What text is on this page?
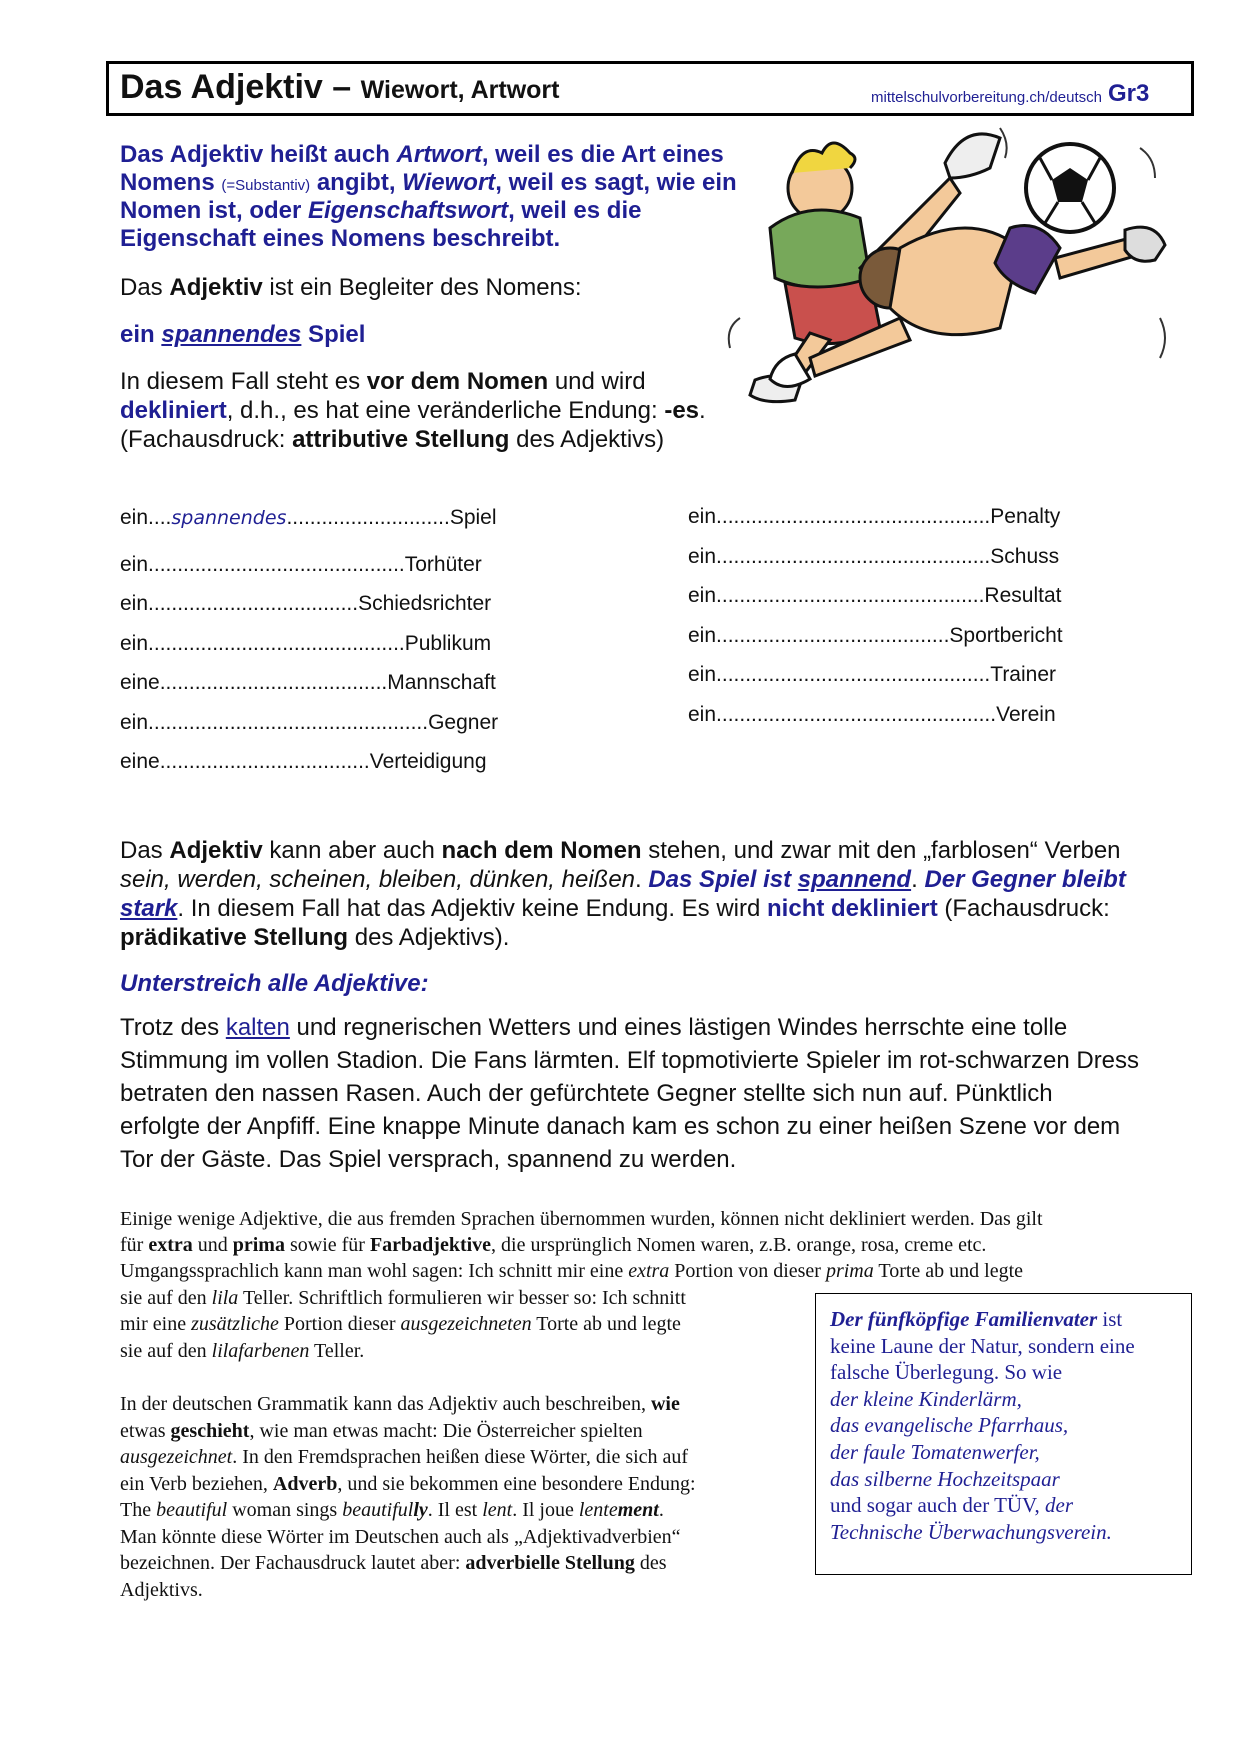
Das Adjektiv – Wiewort, Artwort	mittelschulvorbereitung.ch/deutsch Gr3
Das Adjektiv heißt auch Artwort, weil es die Art eines
Nomens (=Substantiv) angibt, Wiewort, weil es sagt, wie ein
Nomen ist, oder Eigenschaftswort, weil es die
Eigenschaft eines Nomens beschreibt.
Das Adjektiv ist ein Begleiter des Nomens:
ein spannendes Spiel
In diesem Fall steht es vor dem Nomen und wird
dekliniert, d.h., es hat eine veränderliche Endung: -es.
(Fachausdruck: attributive Stellung des Adjektivs)
ein....spannendes............................Spiel
ein............................................Torhüter
ein....................................Schiedsrichter
ein............................................Publikum
eine.......................................Mannschaft
ein................................................Gegner
eine....................................Verteidigung
ein...............................................Penalty
ein...............................................Schuss
ein..............................................Resultat
ein........................................Sportbericht
ein...............................................Trainer
ein................................................Verein
Das Adjektiv kann aber auch nach dem Nomen stehen, und zwar mit den „farblosen“ Verben
sein, werden, scheinen, bleiben, dünken, heißen. Das Spiel ist spannend. Der Gegner bleibt
stark. In diesem Fall hat das Adjektiv keine Endung. Es wird nicht dekliniert (Fachausdruck:
prädikative Stellung des Adjektivs).
Unterstreich alle Adjektive:
Trotz des kalten und regnerischen Wetters und eines lästigen Windes herrschte eine tolle
Stimmung im vollen Stadion. Die Fans lärmten. Elf topmotivierte Spieler im rot-schwarzen Dress
betraten den nassen Rasen. Auch der gefürchtete Gegner stellte sich nun auf. Pünktlich
erfolgte der Anpfiff. Eine knappe Minute danach kam es schon zu einer heißen Szene vor dem
Tor der Gäste. Das Spiel versprach, spannend zu werden.
Einige wenige Adjektive, die aus fremden Sprachen übernommen wurden, können nicht dekliniert werden. Das gilt
für extra und prima sowie für Farbadjektive, die ursprünglich Nomen waren, z.B. orange, rosa, creme etc.
Umgangssprachlich kann man wohl sagen: Ich schnitt mir eine extra Portion von dieser prima Torte ab und legte
sie auf den lila Teller. Schriftlich formulieren wir besser so: Ich schnitt
mir eine zusätzliche Portion dieser ausgezeichneten Torte ab und legte
sie auf den lilafarbenen Teller.
In der deutschen Grammatik kann das Adjektiv auch beschreiben, wie
etwas geschieht, wie man etwas macht: Die Österreicher spielten
ausgezeichnet. In den Fremdsprachen heißen diese Wörter, die sich auf
ein Verb beziehen, Adverb, und sie bekommen eine besondere Endung:
The beautiful woman sings beautifully. Il est lent. Il joue lentement.
Man könnte diese Wörter im Deutschen auch als „Adjektivadverbien“
bezeichnen. Der Fachausdruck lautet aber: adverbielle Stellung des
Adjektivs.
Der fünfköpfige Familienvater ist
keine Laune der Natur, sondern eine
falsche Überlegung. So wie
der kleine Kinderlärm,
das evangelische Pfarrhaus,
der faule Tomatenwerfer,
das silberne Hochzeitspaar
und sogar auch der TÜV, der
Technische Überwachungsverein.
